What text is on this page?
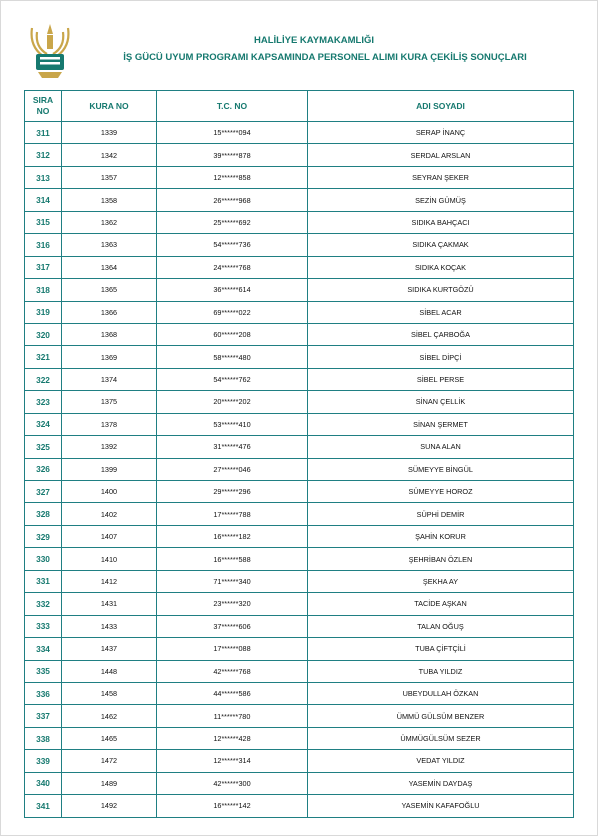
HALİLİYE KAYMAKAMLIĞI
İŞ GÜCÜ UYUM PROGRAMI KAPSAMINDA PERSONEL ALIMI KURA ÇEKİLİŞ SONUÇLARI
SIRA
NO	KURA NO	T.C. NO	ADI SOYADI
311	1339	15******094	SERAP İNANÇ
312	1342	39******878	SERDAL ARSLAN
313	1357	12******858	SEYRAN ŞEKER
314	1358	26******968	SEZİN GÜMÜŞ
315	1362	25******692	SIDIKA BAHÇACI
316	1363	54******736	SIDIKA ÇAKMAK
317	1364	24******768	SIDIKA KOÇAK
318	1365	36******614	SIDIKA KURTGÖZÜ
319	1366	69******022	SİBEL ACAR
320	1368	60******208	SİBEL ÇARBOĞA
321	1369	58******480	SİBEL DİPÇİ
322	1374	54******762	SİBEL PERSE
323	1375	20******202	SİNAN ÇELLİK
324	1378	53******410	SİNAN ŞERMET
325	1392	31******476	SUNA ALAN
326	1399	27******046	SÜMEYYE BİNGÜL
327	1400	29******296	SÜMEYYE HOROZ
328	1402	17******788	SÜPHİ DEMİR
329	1407	16******182	ŞAHİN KORUR
330	1410	16******588	ŞEHRİBAN ÖZLEN
331	1412	71******340	ŞEKHA AY
332	1431	23******320	TACİDE AŞKAN
333	1433	37******606	TALAN OĞUŞ
334	1437	17******088	TUBA ÇİFTÇİLİ
335	1448	42******768	TUBA YILDIZ
336	1458	44******586	UBEYDULLAH ÖZKAN
337	1462	11******780	ÜMMÜ GÜLSÜM BENZER
338	1465	12******428	ÜMMÜGÜLSÜM SEZER
339	1472	12******314	VEDAT YILDIZ
340	1489	42******300	YASEMİN DAYDAŞ
341	1492	16******142	YASEMİN KAFAFOĞLU
